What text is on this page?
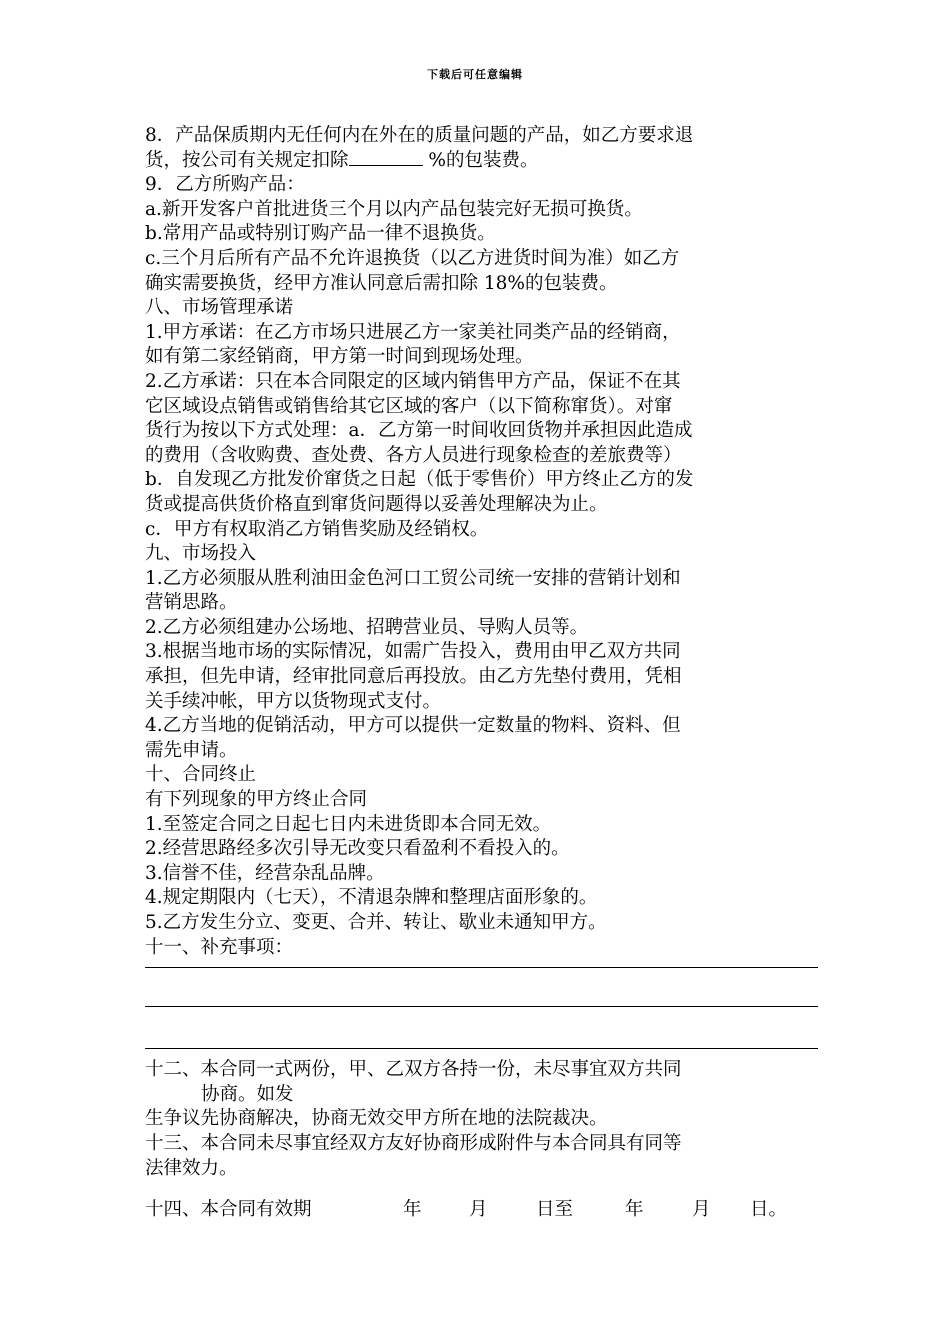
下载后可任意编辑
8．产品保质期内无任何内在外在的质量问题的产品，如乙方要求退
货，按公司有关规定扣除	%的包装费。
9．乙方所购产品：
a.新开发客户首批进货三个月以内产品包装完好无损可换货。
b.常用产品或特别订购产品一律不退换货。
c.三个月后所有产品不允许退换货（以乙方进货时间为准）如乙方
确实需要换货，经甲方准认同意后需扣除 18%的包装费。
八、市场管理承诺
1.甲方承诺：在乙方市场只进展乙方一家美社同类产品的经销商，
如有第二家经销商，甲方第一时间到现场处理。
2.乙方承诺：只在本合同限定的区域内销售甲方产品，保证不在其
它区域设点销售或销售给其它区域的客户（以下简称窜货）。对窜
货行为按以下方式处理：a．乙方第一时间收回货物并承担因此造成
的费用（含收购费、查处费、各方人员进行现象检查的差旅费等）
b．自发现乙方批发价窜货之日起（低于零售价）甲方终止乙方的发
货或提高供货价格直到窜货问题得以妥善处理解决为止。
c．甲方有权取消乙方销售奖励及经销权。
九、市场投入
1.乙方必须服从胜利油田金色河口工贸公司统一安排的营销计划和
营销思路。
2.乙方必须组建办公场地、招聘营业员、导购人员等。
3.根据当地市场的实际情况，如需广告投入，费用由甲乙双方共同
承担，但先申请，经审批同意后再投放。由乙方先垫付费用，凭相
关手续冲帐，甲方以货物现式支付。
4.乙方当地的促销活动，甲方可以提供一定数量的物料、资料、但
需先申请。
十、合同终止
有下列现象的甲方终止合同
1.至签定合同之日起七日内未进货即本合同无效。
2.经营思路经多次引导无改变只看盈利不看投入的。
3.信誉不佳，经营杂乱品牌。
4.规定期限内（七天），不清退杂牌和整理店面形象的。
5.乙方发生分立、变更、合并、转让、歇业未通知甲方。
十一、补充事项：
十二、本合同一式两份，甲、乙双方各持一份，未尽事宜双方共同
协商。如发
生争议先协商解决，协商无效交甲方所在地的法院裁决。
十三、本合同未尽事宜经双方友好协商形成附件与本合同具有同等
法律效力。
十四、本合同有效期	年	月	日至	年	月 日。
